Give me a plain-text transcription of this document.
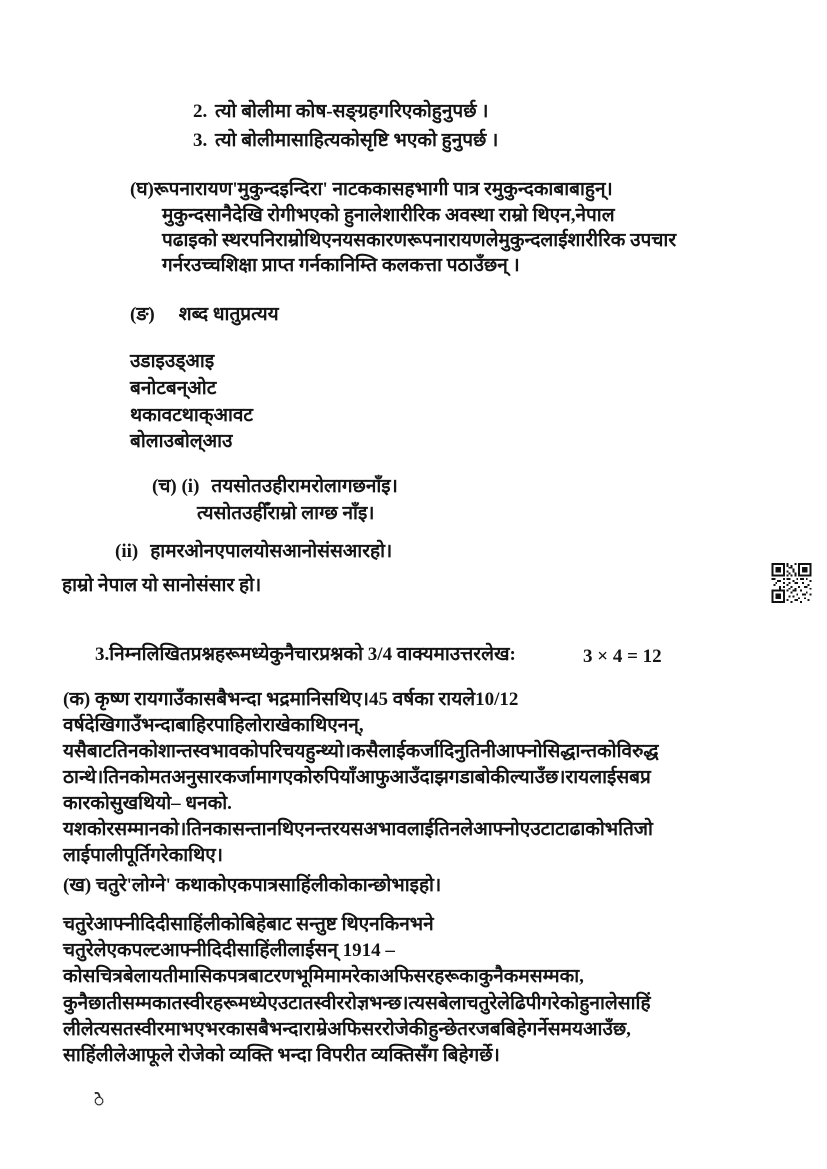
2. त्यो बोलीमा कोष-सङ्ग्रहगरिएकोहुनुपर्छ ।
3. त्यो बोलीमासाहित्यकोसृष्टि भएको हुनुपर्छ ।
(घ)रूपनारायण'मुकुन्दइन्दिरा' नाटककासहभागी पात्र रमुकुन्दकाबाबाहुन्।
मुकुन्दसानैदेखि रोगीभएको हुनालेशारीरिक अवस्था राम्रो थिएन,नेपाल
पढाइको स्थरपनिराम्रोथिएनयसकारणरूपनारायणलेमुकुन्दलाईशारीरिक उपचार
गर्नरउच्चशिक्षा प्राप्त गर्नकानिम्ति कलकत्ता पठाउँछन् ।
(ङ) शब्द धातुप्रत्यय
उडाइउड्आइ
बनोटबन्ओट
थकावटथाक्आवट
बोलाउबोल्आउ
(च) (i) तयसोतउहीरामरोलागछनाँइ।
त्यसोतउहीँराम्रो लाग्छ नाँइ।
(ii) हामरओनएपालयोसआनोसंसआरहो।
हाम्रो नेपाल यो सानोसंसार हो।
3.निम्नलिखितप्रश्नहरूमध्येकुनैचारप्रश्नको 3/4 वाक्यमाउत्तरलेख:	3 × 4 = 12
(क) कृष्ण रायगाउँकासबैभन्दा भद्रमानिसथिए।45 वर्षका रायले10/12
वर्षदेखिगाउँभन्दाबाहिरपाहिलोराखेकाथिएनन्,
यसैबाटतिनकोशान्तस्वभावकोपरिचयहुन्थ्यो।कसैलाईकर्जादिनुतिनीआफ्नोसिद्धान्तकोविरुद्ध
ठान्थे।तिनकोमतअनुसारकर्जामागएकोरुपियाँआफुआउँदाझगडाबोकील्याउँछ।रायलाईसबप्र
कारकोसुखथियो– धनको.
यशकोरसम्मानको।तिनकासन्तानथिएनन्तरयसअभावलाईतिनलेआफ्नोएउटाटाढाकोभतिजो
लाईपालीपूर्तिगरेकाथिए।
(ख) चतुरे'लोग्ने' कथाकोएकपात्रसाहिंलीकोकान्छोभाइहो।
चतुरेआफ्नीदिदीसाहिंलीकोबिहेबाट सन्तुष्ट थिएनकिनभने
चतुरेलेएकपल्टआफ्नीदिदीसाहिंलीलाईसन् 1914 –
कोसचित्रबेलायतीमासिकपत्रबाटरणभूमिमामरेकाअफिसरहरूकाकुनैकमसम्मका,
कुनैछातीसम्मकातस्वीरहरूमध्येएउटातस्वीररोज्ञभन्छ।त्यसबेलाचतुरेलेढिपीगरेकोहुनालेसाहिं
लीलेत्यसतस्वीरमाभएभरकासबैभन्दाराम्रेअफिसररोजेकीहुन्छेतरजबबिहेगर्नेसमयआउँछ,
साहिंलीलेआफूले रोजेको व्यक्ति भन्दा विपरीत व्यक्तिसँग बिहेगर्छे।
◌े
